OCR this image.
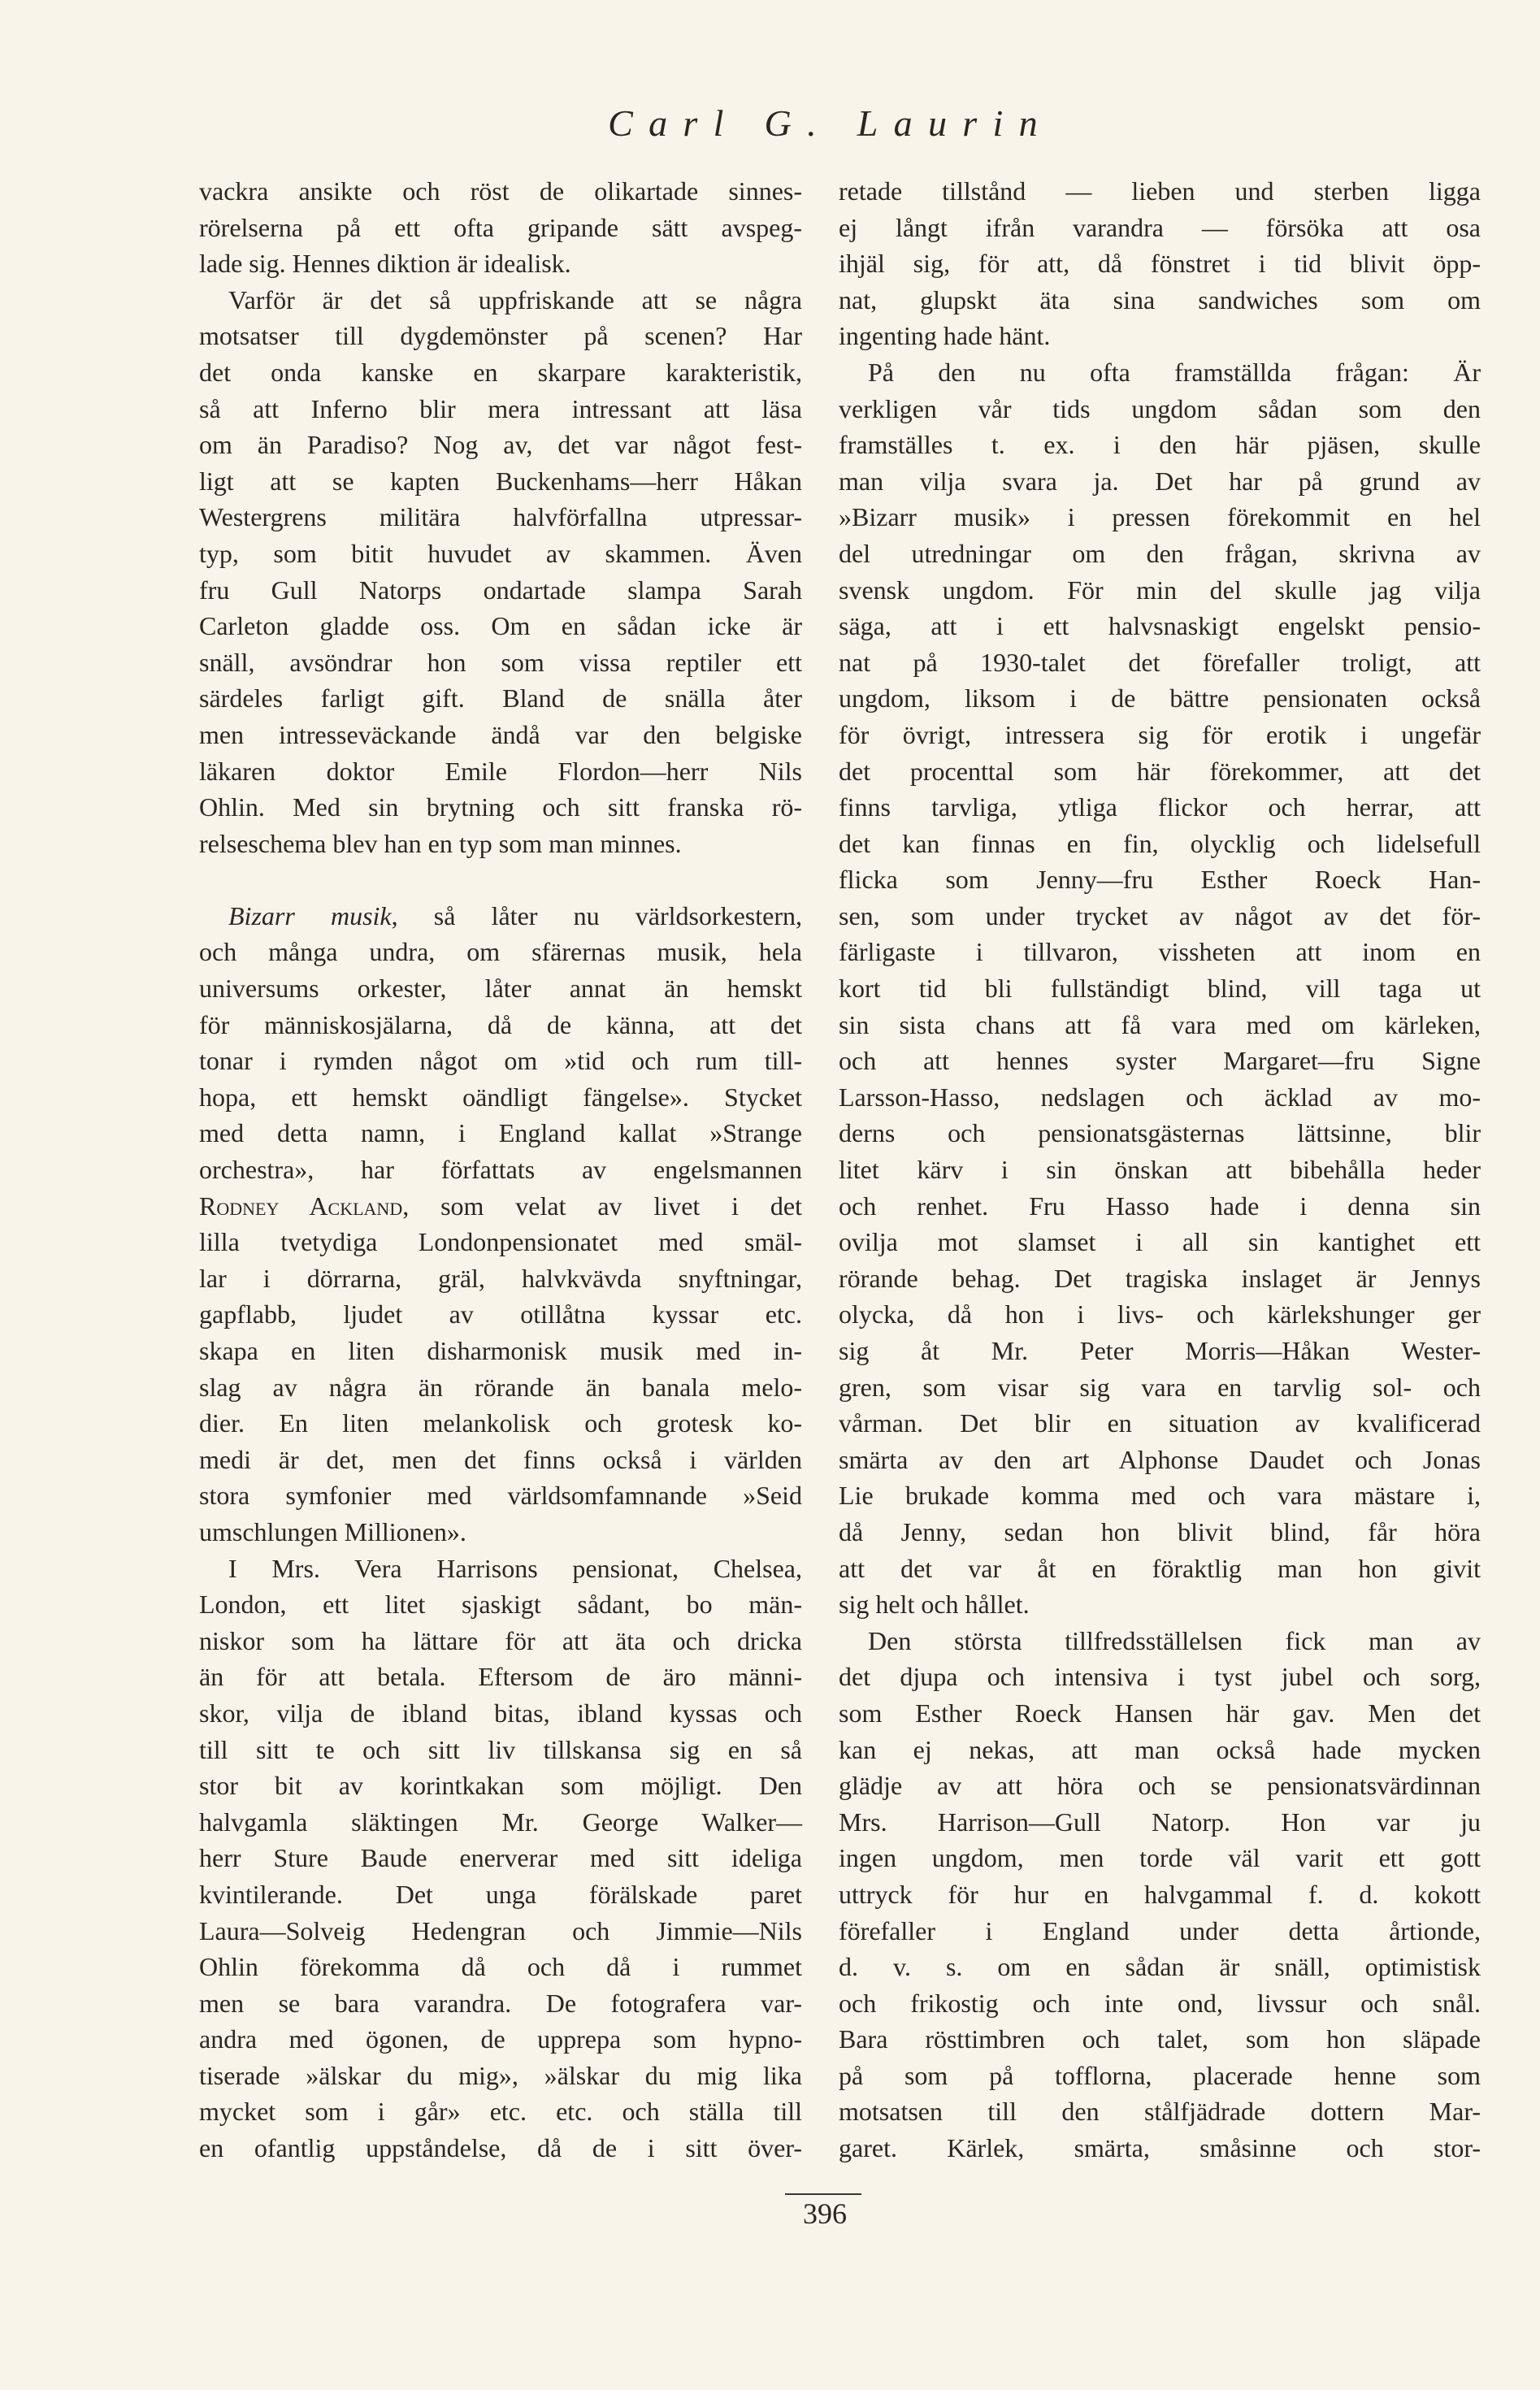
Carl G. Laurin
vackra ansikte och röst de olikartade sinnes-
rörelserna på ett ofta gripande sätt avspeg-
lade sig. Hennes diktion är idealisk.
Varför är det så uppfriskande att se några
motsatser till dygdemönster på scenen? Har
det onda kanske en skarpare karakteristik,
så att Inferno blir mera intressant att läsa
om än Paradiso? Nog av, det var något fest-
ligt att se kapten Buckenhams—herr Håkan
Westergrens militära halvförfallna utpressar-
typ, som bitit huvudet av skammen. Även
fru Gull Natorps ondartade slampa Sarah
Carleton gladde oss. Om en sådan icke är
snäll, avsöndrar hon som vissa reptiler ett
särdeles farligt gift. Bland de snälla åter
men intresseväckande ändå var den belgiske
läkaren doktor Emile Flordon—herr Nils
Ohlin. Med sin brytning och sitt franska rö-
relseschema blev han en typ som man minnes.
Bizarr musik, så låter nu världsorkestern,
och många undra, om sfärernas musik, hela
universums orkester, låter annat än hemskt
för människosjälarna, då de känna, att det
tonar i rymden något om »tid och rum till-
hopa, ett hemskt oändligt fängelse». Stycket
med detta namn, i England kallat »Strange
orchestra», har författats av engelsmannen
Rodney Ackland, som velat av livet i det
lilla tvetydiga Londonpensionatet med smäl-
lar i dörrarna, gräl, halvkvävda snyftningar,
gapflabb, ljudet av otillåtna kyssar etc.
skapa en liten disharmonisk musik med in-
slag av några än rörande än banala melo-
dier. En liten melankolisk och grotesk ko-
medi är det, men det finns också i världen
stora symfonier med världsomfamnande »Seid
umschlungen Millionen».
I Mrs. Vera Harrisons pensionat, Chelsea,
London, ett litet sjaskigt sådant, bo män-
niskor som ha lättare för att äta och dricka
än för att betala. Eftersom de äro männi-
skor, vilja de ibland bitas, ibland kyssas och
till sitt te och sitt liv tillskansa sig en så
stor bit av korintkakan som möjligt. Den
halvgamla släktingen Mr. George Walker—
herr Sture Baude enerverar med sitt ideliga
kvintilerande. Det unga förälskade paret
Laura—Solveig Hedengran och Jimmie—Nils
Ohlin förekomma då och då i rummet
men se bara varandra. De fotografera var-
andra med ögonen, de upprepa som hypno-
tiserade »älskar du mig», »älskar du mig lika
mycket som i går» etc. etc. och ställa till
en ofantlig uppståndelse, då de i sitt över-
retade tillstånd — lieben und sterben ligga
ej långt ifrån varandra — försöka att osa
ihjäl sig, för att, då fönstret i tid blivit öpp-
nat, glupskt äta sina sandwiches som om
ingenting hade hänt.
På den nu ofta framställda frågan: Är
verkligen vår tids ungdom sådan som den
framställes t. ex. i den här pjäsen, skulle
man vilja svara ja. Det har på grund av
»Bizarr musik» i pressen förekommit en hel
del utredningar om den frågan, skrivna av
svensk ungdom. För min del skulle jag vilja
säga, att i ett halvsnaskigt engelskt pensio-
nat på 1930-talet det förefaller troligt, att
ungdom, liksom i de bättre pensionaten också
för övrigt, intressera sig för erotik i ungefär
det procenttal som här förekommer, att det
finns tarvliga, ytliga flickor och herrar, att
det kan finnas en fin, olycklig och lidelsefull
flicka som Jenny—fru Esther Roeck Han-
sen, som under trycket av något av det för-
färligaste i tillvaron, vissheten att inom en
kort tid bli fullständigt blind, vill taga ut
sin sista chans att få vara med om kärleken,
och att hennes syster Margaret—fru Signe
Larsson-Hasso, nedslagen och äcklad av mo-
derns och pensionatsgästernas lättsinne, blir
litet kärv i sin önskan att bibehålla heder
och renhet. Fru Hasso hade i denna sin
ovilja mot slamset i all sin kantighet ett
rörande behag. Det tragiska inslaget är Jennys
olycka, då hon i livs- och kärlekshunger ger
sig åt Mr. Peter Morris—Håkan Wester-
gren, som visar sig vara en tarvlig sol- och
vårman. Det blir en situation av kvalificerad
smärta av den art Alphonse Daudet och Jonas
Lie brukade komma med och vara mästare i,
då Jenny, sedan hon blivit blind, får höra
att det var åt en föraktlig man hon givit
sig helt och hållet.
Den största tillfredsställelsen fick man av
det djupa och intensiva i tyst jubel och sorg,
som Esther Roeck Hansen här gav. Men det
kan ej nekas, att man också hade mycken
glädje av att höra och se pensionatsvärdinnan
Mrs. Harrison—Gull Natorp. Hon var ju
ingen ungdom, men torde väl varit ett gott
uttryck för hur en halvgammal f. d. kokott
förefaller i England under detta årtionde,
d. v. s. om en sådan är snäll, optimistisk
och frikostig och inte ond, livssur och snål.
Bara rösttimbren och talet, som hon släpade
på som på tofflorna, placerade henne som
motsatsen till den stålfjädrade dottern Mar-
garet. Kärlek, smärta, småsinne och stor-
396
